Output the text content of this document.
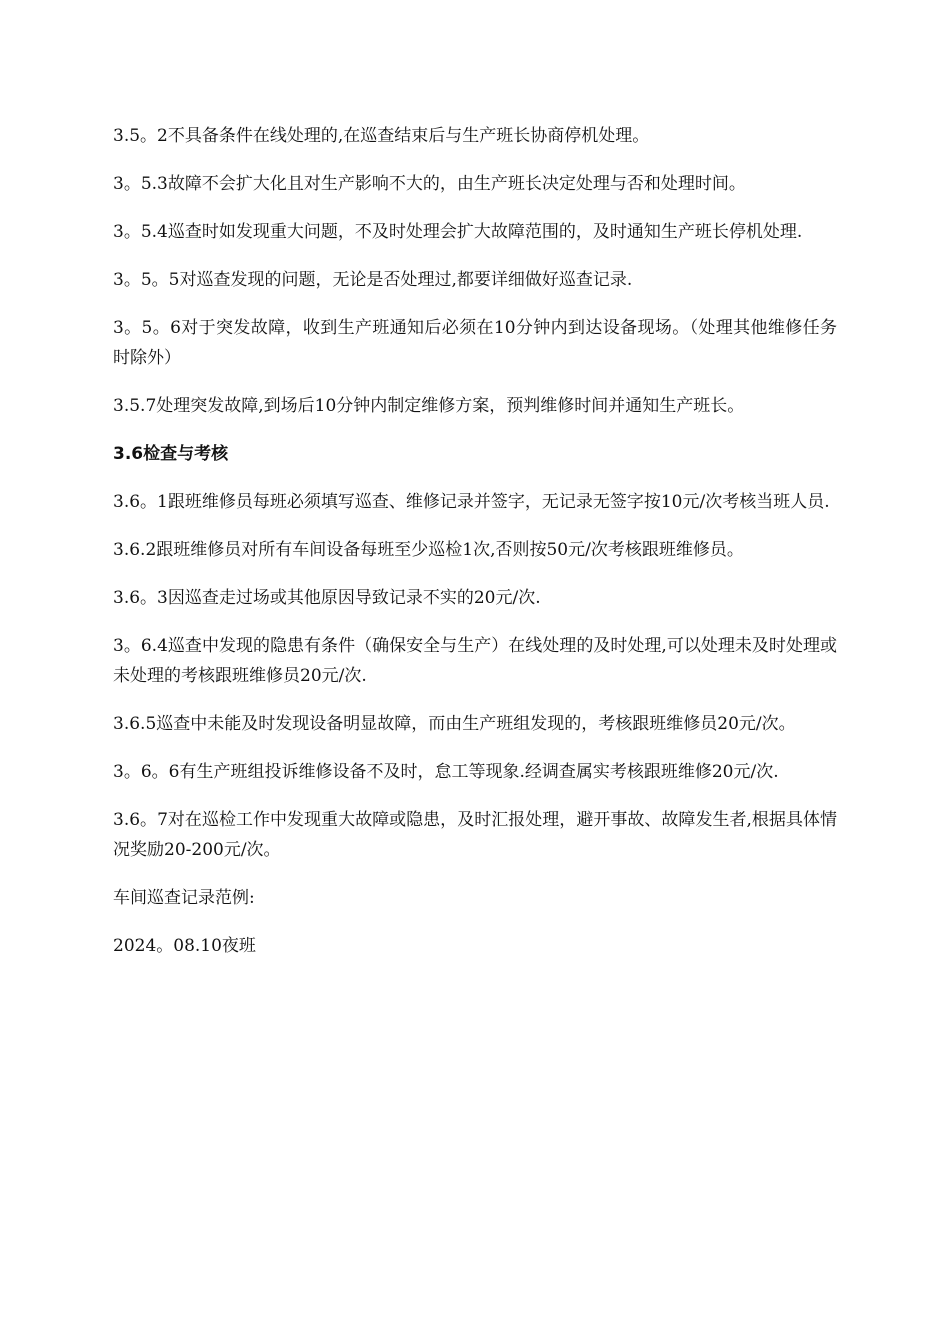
3.5。2不具备条件在线处理的,在巡查结束后与生产班长协商停机处理。

3。5.3故障不会扩大化且对生产影响不大的，由生产班长决定处理与否和处理时间。

3。5.4巡查时如发现重大问题，不及时处理会扩大故障范围的，及时通知生产班长停机处理.

3。5。5对巡查发现的问题，无论是否处理过,都要详细做好巡查记录.

3。5。6对于突发故障，收到生产班通知后必须在10分钟内到达设备现场。（处理其他维修任务时除外）

3.5.7处理突发故障,到场后10分钟内制定维修方案，预判维修时间并通知生产班长。

3.6检查与考核

3.6。1跟班维修员每班必须填写巡查、维修记录并签字，无记录无签字按10元/次考核当班人员.

3.6.2跟班维修员对所有车间设备每班至少巡检1次,否则按50元/次考核跟班维修员。

3.6。3因巡查走过场或其他原因导致记录不实的20元/次.

3。6.4巡查中发现的隐患有条件（确保安全与生产）在线处理的及时处理,可以处理未及时处理或未处理的考核跟班维修员20元/次.

3.6.5巡查中未能及时发现设备明显故障，而由生产班组发现的，考核跟班维修员20元/次。

3。6。6有生产班组投诉维修设备不及时，怠工等现象.经调查属实考核跟班维修20元/次.

3.6。7对在巡检工作中发现重大故障或隐患，及时汇报处理，避开事故、故障发生者,根据具体情况奖励20-200元/次。

车间巡查记录范例:

2024。08.10夜班
